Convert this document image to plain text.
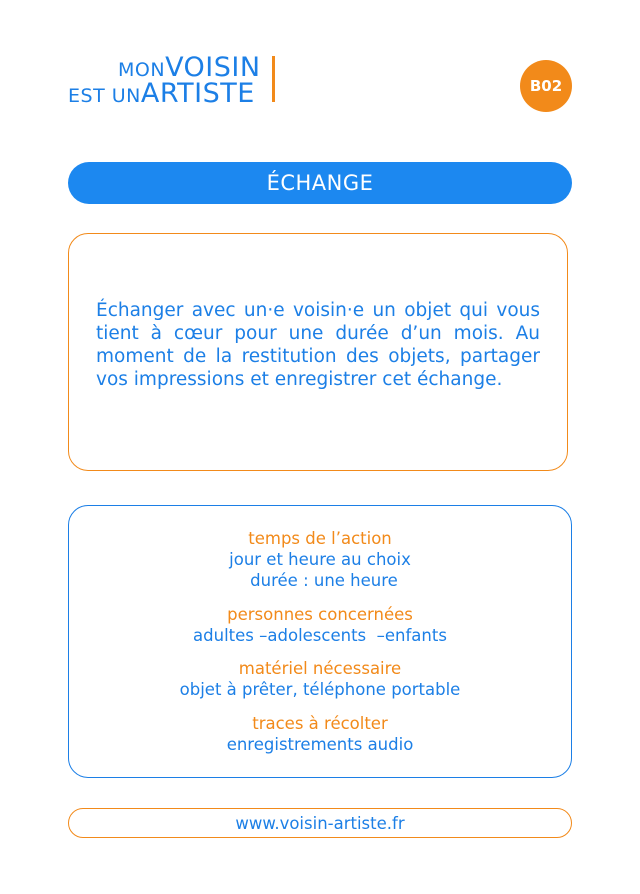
MONVOISIN
EST UNARTISTE	B02
ÉCHANGE
Échanger avec un·e voisin·e un objet qui vous tient à cœur pour une durée d’un mois. Au moment de la restitution des objets, partager vos impressions et enregistrer cet échange.
temps de l’action
jour et heure au choix
durée : une heure
personnes concernées
adultes –adolescents  –enfants
matériel nécessaire
objet à prêter, téléphone portable
traces à récolter
enregistrements audio
www.voisin-artiste.fr
